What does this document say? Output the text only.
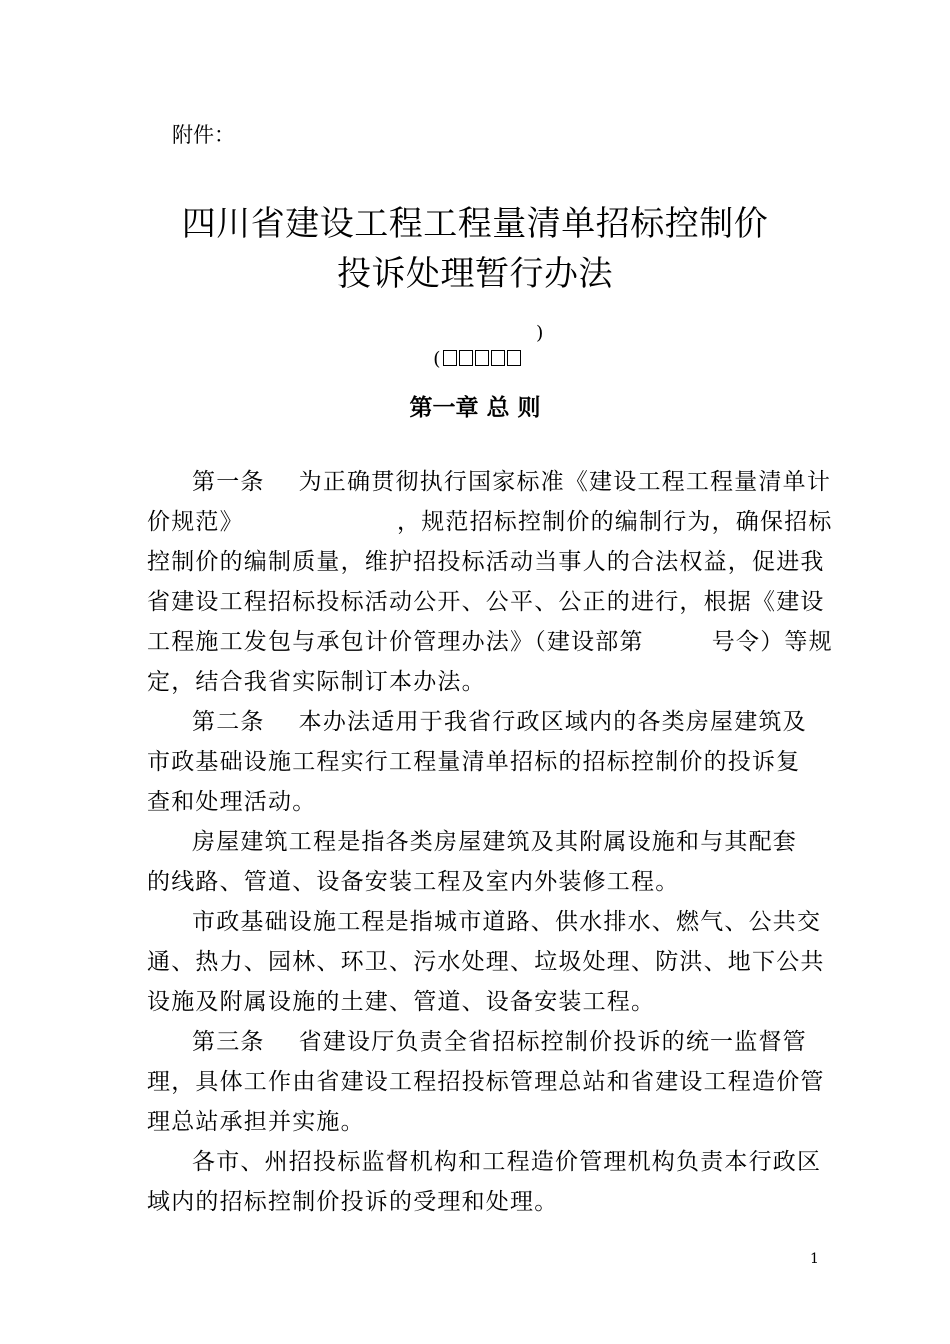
附件：
四川省建设工程工程量清单招标控制价
投诉处理暂行办法

(
)

第一章 总 则
第一条    为正确贯彻执行国家标准《建设工程工程量清单计
价规范》                  ，规范招标控制价的编制行为，确保招标
控制价的编制质量，维护招投标活动当事人的合法权益，促进我
省建设工程招标投标活动公开、公平、公正的进行，根据《建设
工程施工发包与承包计价管理办法》（建设部第        号令）等规
定，结合我省实际制订本办法。
第二条    本办法适用于我省行政区域内的各类房屋建筑及
市政基础设施工程实行工程量清单招标的招标控制价的投诉复
查和处理活动。
房屋建筑工程是指各类房屋建筑及其附属设施和与其配套
的线路、管道、设备安装工程及室内外装修工程。
市政基础设施工程是指城市道路、供水排水、燃气、公共交
通、热力、园林、环卫、污水处理、垃圾处理、防洪、地下公共
设施及附属设施的土建、管道、设备安装工程。
第三条    省建设厅负责全省招标控制价投诉的统一监督管
理，具体工作由省建设工程招投标管理总站和省建设工程造价管
理总站承担并实施。
各市、州招投标监督机构和工程造价管理机构负责本行政区
域内的招标控制价投诉的受理和处理。
1
